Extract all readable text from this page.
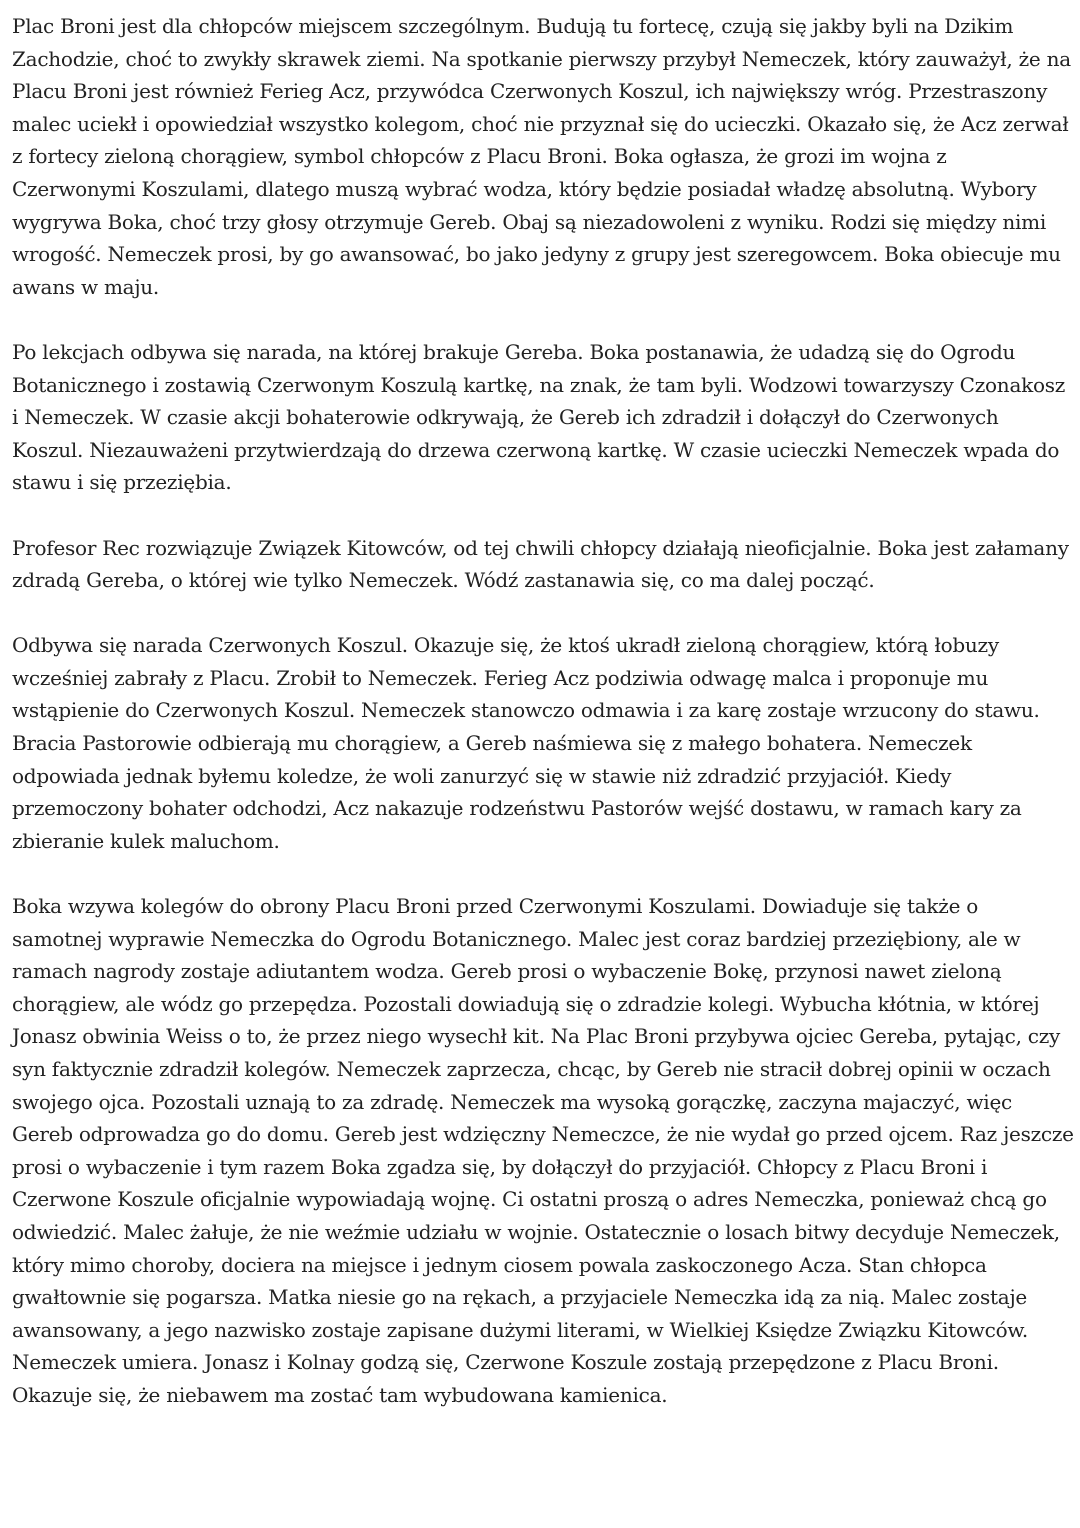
Plac Broni jest dla chłopców miejscem szczególnym. Budują tu fortecę, czują się jakby byli na Dzikim Zachodzie, choć to zwykły skrawek ziemi. Na spotkanie pierwszy przybył Nemeczek, który zauważył, że na Placu Broni jest również Ferieg Acz, przywódca Czerwonych Koszul, ich największy wróg. Przestraszony malec uciekł i opowiedział wszystko kolegom, choć nie przyznał się do ucieczki. Okazało się, że Acz zerwał z fortecy zieloną chorągiew, symbol chłopców z Placu Broni. Boka ogłasza, że grozi im wojna z Czerwonymi Koszulami, dlatego muszą wybrać wodza, który będzie posiadał władzę absolutną. Wybory wygrywa Boka, choć trzy głosy otrzymuje Gereb. Obaj są niezadowoleni z wyniku. Rodzi się między nimi wrogość. Nemeczek prosi, by go awansować, bo jako jedyny z grupy jest szeregowcem. Boka obiecuje mu awans w maju.

Po lekcjach odbywa się narada, na której brakuje Gereba. Boka postanawia, że udadzą się do Ogrodu Botanicznego i zostawią Czerwonym Koszulą kartkę, na znak, że tam byli. Wodzowi towarzyszy Czonakosz i Nemeczek. W czasie akcji bohaterowie odkrywają, że Gereb ich zdradził i dołączył do Czerwonych Koszul. Niezauważeni przytwierdzają do drzewa czerwoną kartkę. W czasie ucieczki Nemeczek wpada do stawu i się przeziębia.

Profesor Rec rozwiązuje Związek Kitowców, od tej chwili chłopcy działają nieoficjalnie. Boka jest załamany zdradą Gereba, o której wie tylko Nemeczek. Wódź zastanawia się, co ma dalej począć.

Odbywa się narada Czerwonych Koszul. Okazuje się, że ktoś ukradł zieloną chorągiew, którą łobuzy wcześniej zabrały z Placu. Zrobił to Nemeczek. Ferieg Acz podziwia odwagę malca i proponuje mu wstąpienie do Czerwonych Koszul. Nemeczek stanowczo odmawia i za karę zostaje wrzucony do stawu. Bracia Pastorowie odbierają mu chorągiew, a Gereb naśmiewa się z małego bohatera. Nemeczek odpowiada jednak byłemu koledze, że woli zanurzyć się w stawie niż zdradzić przyjaciół. Kiedy przemoczony bohater odchodzi, Acz nakazuje rodzeństwu Pastorów wejść dostawu, w ramach kary za zbieranie kulek maluchom.

Boka wzywa kolegów do obrony Placu Broni przed Czerwonymi Koszulami. Dowiaduje się także o samotnej wyprawie Nemeczka do Ogrodu Botanicznego. Malec jest coraz bardziej przeziębiony, ale w ramach nagrody zostaje adiutantem wodza. Gereb prosi o wybaczenie Bokę, przynosi nawet zieloną chorągiew, ale wódz go przepędza. Pozostali dowiadują się o zdradzie kolegi. Wybucha kłótnia, w której Jonasz obwinia Weiss o to, że przez niego wysechł kit. Na Plac Broni przybywa ojciec Gereba, pytając, czy syn faktycznie zdradził kolegów. Nemeczek zaprzecza, chcąc, by Gereb nie stracił dobrej opinii w oczach swojego ojca. Pozostali uznają to za zdradę. Nemeczek ma wysoką gorączkę, zaczyna majaczyć, więc Gereb odprowadza go do domu. Gereb jest wdzięczny Nemeczce, że nie wydał go przed ojcem. Raz jeszcze prosi o wybaczenie i tym razem Boka zgadza się, by dołączył do przyjaciół. Chłopcy z Placu Broni i Czerwone Koszule oficjalnie wypowiadają wojnę. Ci ostatni proszą o adres Nemeczka, ponieważ chcą go odwiedzić. Malec żałuje, że nie weźmie udziału w wojnie. Ostatecznie o losach bitwy decyduje Nemeczek, który mimo choroby, dociera na miejsce i jednym ciosem powala zaskoczonego Acza. Stan chłopca gwałtownie się pogarsza. Matka niesie go na rękach, a przyjaciele Nemeczka idą za nią. Malec zostaje awansowany, a jego nazwisko zostaje zapisane dużymi literami, w Wielkiej Księdze Związku Kitowców. Nemeczek umiera. Jonasz i Kolnay godzą się, Czerwone Koszule zostają przepędzone z Placu Broni. Okazuje się, że niebawem ma zostać tam wybudowana kamienica.
